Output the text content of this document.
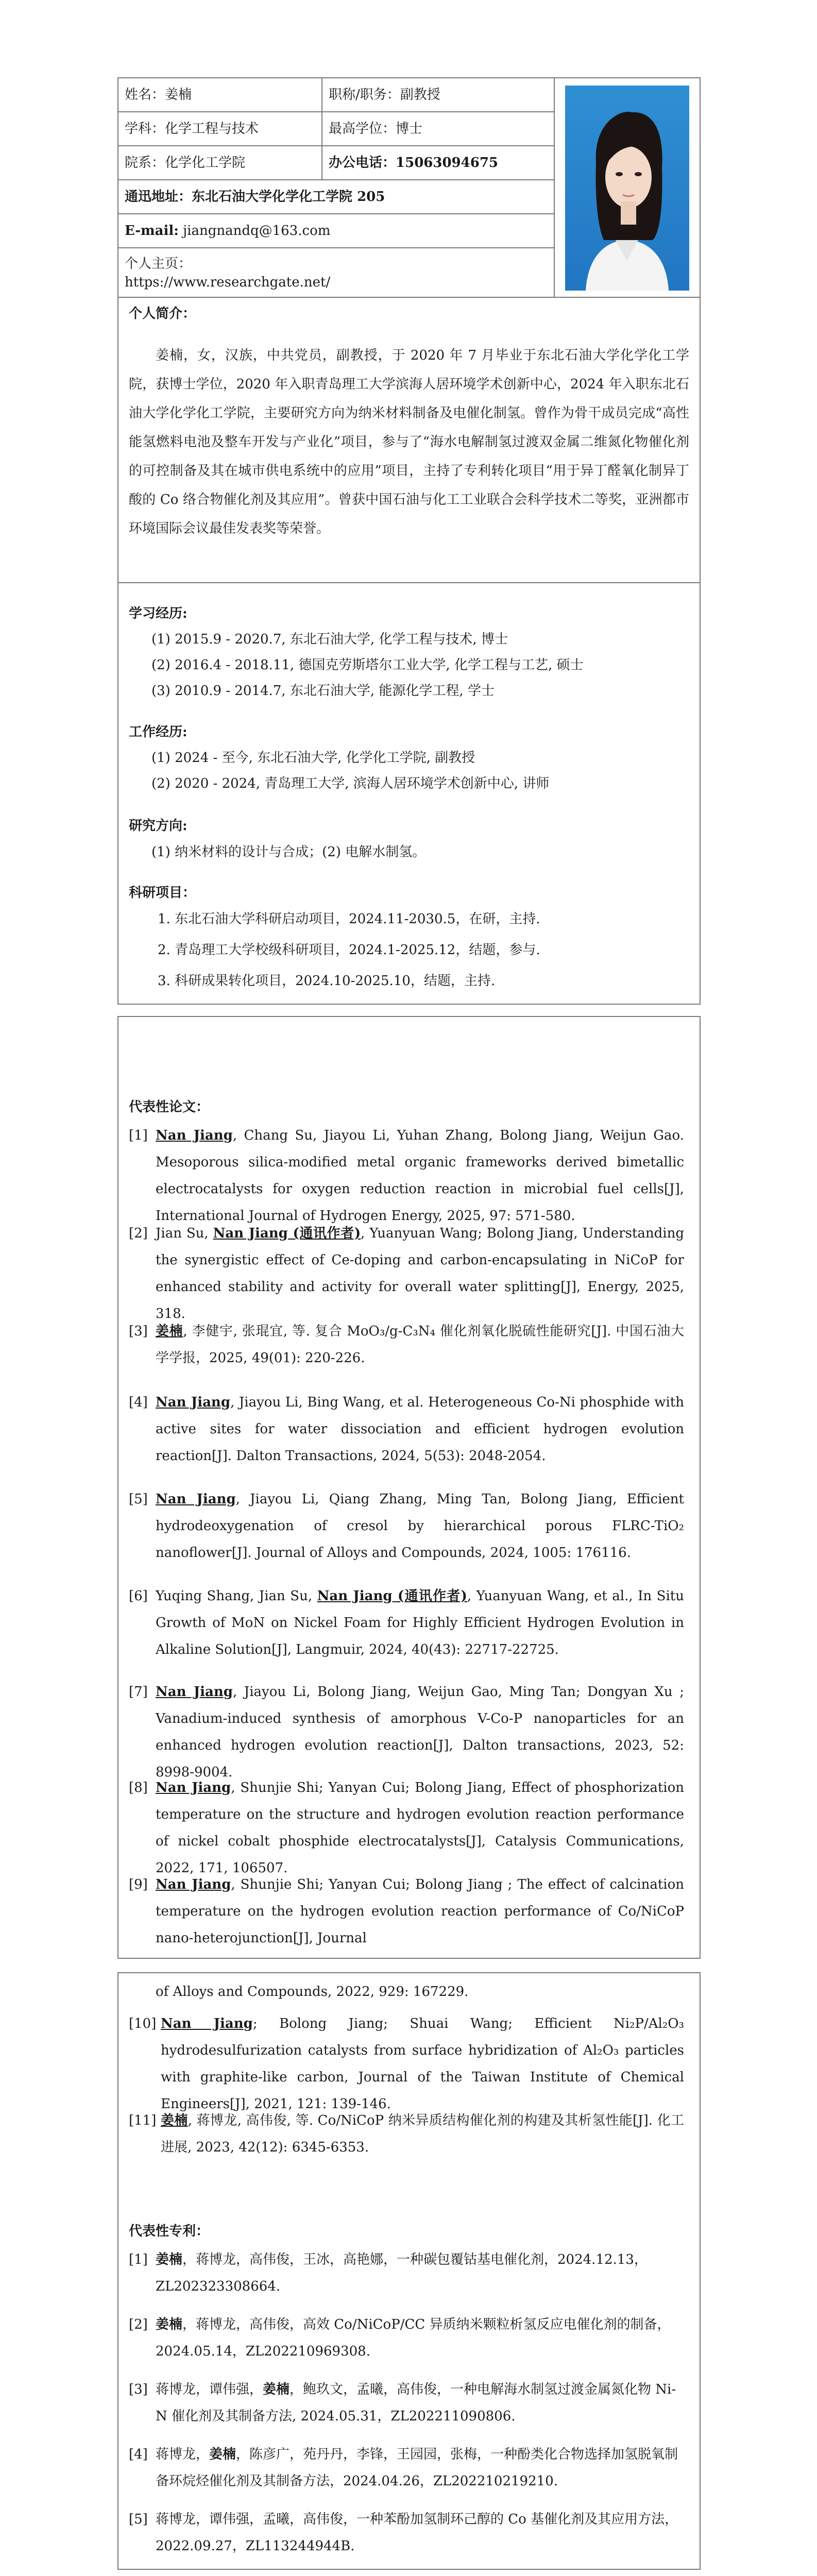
姓名：姜楠	职称/职务：副教授
学科：化学工程与技术	最高学位：博士
院系：化学化工学院	办公电话：15063094675
通迅地址：东北石油大学化学化工学院 205
E-mail: jiangnandq@163.com
个人主页：
https://www.researchgate.net/
个人简介：
姜楠，女，汉族，中共党员，副教授，于 2020 年 7 月毕业于东北石油大学化学化工学院，获博士学位，2020 年入职青岛理工大学滨海人居环境学术创新中心，2024 年入职东北石油大学化学化工学院，主要研究方向为纳米材料制备及电催化制氢。曾作为骨干成员完成“高性能氢燃料电池及整车开发与产业化”项目，参与了“海水电解制氢过渡双金属二维氮化物催化剂的可控制备及其在城市供电系统中的应用”项目，主持了专利转化项目“用于异丁醛氧化制异丁酸的 Co 络合物催化剂及其应用”。曾获中国石油与化工工业联合会科学技术二等奖，亚洲都市环境国际会议最佳发表奖等荣誉。
学习经历:
(1) 2015.9 - 2020.7, 东北石油大学, 化学工程与技术, 博士
(2) 2016.4 - 2018.11, 德国克劳斯塔尔工业大学, 化学工程与工艺, 硕士
(3) 2010.9 - 2014.7, 东北石油大学, 能源化学工程, 学士
工作经历:
(1) 2024 - 至今, 东北石油大学, 化学化工学院, 副教授
(2) 2020 - 2024, 青岛理工大学, 滨海人居环境学术创新中心, 讲师
研究方向:
(1) 纳米材料的设计与合成；(2) 电解水制氢。
科研项目：
1. 东北石油大学科研启动项目，2024.11-2030.5，在研，主持.
2. 青岛理工大学校级科研项目，2024.1-2025.12，结题，参与.
3. 科研成果转化项目，2024.10-2025.10，结题，主持.
代表性论文：
[1] Nan Jiang, Chang Su, Jiayou Li, Yuhan Zhang, Bolong Jiang, Weijun Gao. Mesoporous silica-modified metal organic frameworks derived bimetallic electrocatalysts for oxygen reduction reaction in microbial fuel cells[J], International Journal of Hydrogen Energy, 2025, 97: 571-580.
[2] Jian Su, Nan Jiang (通讯作者), Yuanyuan Wang; Bolong Jiang, Understanding the synergistic effect of Ce-doping and carbon-encapsulating in NiCoP for enhanced stability and activity for overall water splitting[J], Energy, 2025, 318.
[3] 姜楠, 李健宇, 张琨宜, 等. 复合 MoO₃/g-C₃N₄ 催化剂氧化脱硫性能研究[J]. 中国石油大学学报，2025, 49(01): 220-226.
[4] Nan Jiang, Jiayou Li, Bing Wang, et al. Heterogeneous Co-Ni phosphide with active sites for water dissociation and efficient hydrogen evolution reaction[J]. Dalton Transactions, 2024, 5(53): 2048-2054.
[5] Nan Jiang, Jiayou Li, Qiang Zhang, Ming Tan, Bolong Jiang, Efficient hydrodeoxygenation of cresol by hierarchical porous FLRC-TiO₂ nanoflower[J]. Journal of Alloys and Compounds, 2024, 1005: 176116.
[6] Yuqing Shang, Jian Su, Nan Jiang (通讯作者), Yuanyuan Wang, et al., In Situ Growth of MoN on Nickel Foam for Highly Efficient Hydrogen Evolution in Alkaline Solution[J], Langmuir, 2024, 40(43): 22717-22725.
[7] Nan Jiang, Jiayou Li, Bolong Jiang, Weijun Gao, Ming Tan; Dongyan Xu ; Vanadium-induced synthesis of amorphous V-Co-P nanoparticles for an enhanced hydrogen evolution reaction[J], Dalton transactions, 2023, 52: 8998-9004.
[8] Nan Jiang, Shunjie Shi; Yanyan Cui; Bolong Jiang, Effect of phosphorization temperature on the structure and hydrogen evolution reaction performance of nickel cobalt phosphide electrocatalysts[J], Catalysis Communications, 2022, 171, 106507.
[9] Nan Jiang, Shunjie Shi; Yanyan Cui; Bolong Jiang ; The effect of calcination temperature on the hydrogen evolution reaction performance of Co/NiCoP nano-heterojunction[J], Journal
of Alloys and Compounds, 2022, 929: 167229.
[10] Nan Jiang; Bolong Jiang; Shuai Wang; Efficient Ni₂P/Al₂O₃ hydrodesulfurization catalysts from surface hybridization of Al₂O₃ particles with graphite-like carbon, Journal of the Taiwan Institute of Chemical Engineers[J], 2021, 121: 139-146.
[11] 姜楠, 蒋博龙, 高伟俊, 等. Co/NiCoP 纳米异质结构催化剂的构建及其析氢性能[J]. 化工进展, 2023, 42(12): 6345-6353.
代表性专利：
[1] 姜楠，蒋博龙，高伟俊，王冰，高艳娜，一种碳包覆钴基电催化剂，2024.12.13，ZL202323308664.
[2] 姜楠，蒋博龙，高伟俊，高效 Co/NiCoP/CC 异质纳米颗粒析氢反应电催化剂的制备，2024.05.14，ZL202210969308.
[3] 蒋博龙，谭伟强，姜楠，鲍玖文，孟曦，高伟俊，一种电解海水制氢过渡金属氮化物 Ni-N 催化剂及其制备方法, 2024.05.31，ZL202211090806.
[4] 蒋博龙，姜楠，陈彦广，苑丹丹，李锋，王园园，张梅，一种酚类化合物选择加氢脱氧制备环烷烃催化剂及其制备方法，2024.04.26，ZL202210219210.
[5] 蒋博龙，谭伟强，孟曦，高伟俊，一种苯酚加氢制环己醇的 Co 基催化剂及其应用方法，2022.09.27，ZL113244944B.
